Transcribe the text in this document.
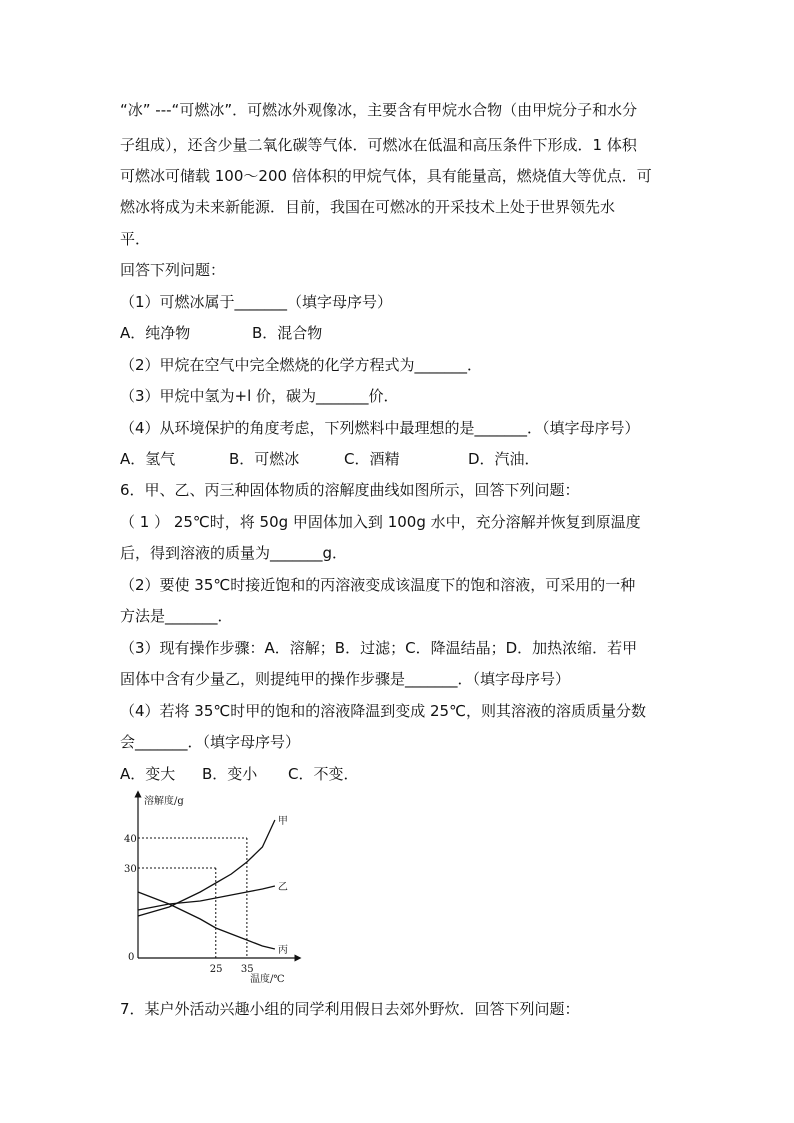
“冰” ---“可燃冰”．可燃冰外观像冰，主要含有甲烷水合物（由甲烷分子和水分
子组成），还含少量二氧化碳等气体．可燃冰在低温和高压条件下形成．1 体积
可燃冰可储载 100～200 倍体积的甲烷气体，具有能量高，燃烧值大等优点．可
燃冰将成为未来新能源．目前，我国在可燃冰的开采技术上处于世界领先水
平．
回答下列问题：
（1）可燃冰属于_______（填字母序号）
A．纯净物	B．混合物
（2）甲烷在空气中完全燃烧的化学方程式为_______．
（3）甲烷中氢为+l 价，碳为_______价．
（4）从环境保护的角度考虑，下列燃料中最理想的是_______．（填字母序号）
A．氢气	B．可燃冰	C．酒精	D．汽油．
6．甲、乙、丙三种固体物质的溶解度曲线如图所示，回答下列问题：
（ 1 ） 25℃时，将 50g 甲固体加入到 100g 水中，充分溶解并恢复到原温度
后，得到溶液的质量为_______g．
（2）要使 35℃时接近饱和的丙溶液变成该温度下的饱和溶液，可采用的一种
方法是_______．
（3）现有操作步骤：A．溶解；B．过滤；C．降温结晶；D．加热浓缩．若甲
固体中含有少量乙，则提纯甲的操作步骤是_______．（填字母序号）
（4）若将 35℃时甲的饱和的溶液降温到变成 25℃，则其溶液的溶质质量分数
会_______．（填字母序号）
A．变大 B．变小 C．不变．
溶解度/g
温度/℃
0
25 35
30
40
甲
乙
丙
7．某户外活动兴趣小组的同学利用假日去郊外野炊．回答下列问题：
